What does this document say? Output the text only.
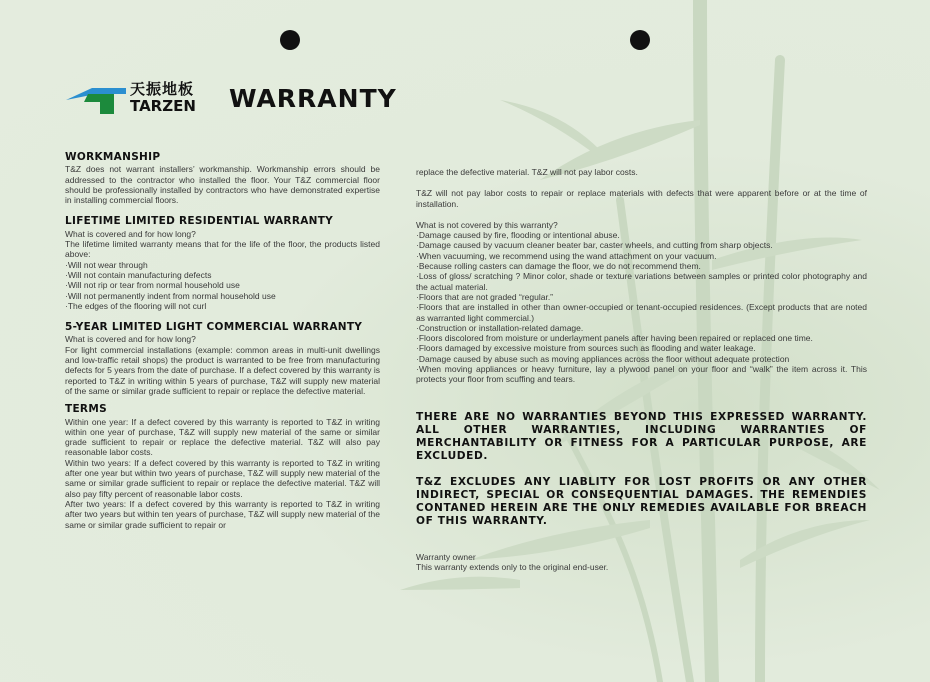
天振地板
TARZEN WARRANTY
WORKMANSHIP

T&Z does not warrant installers’ workmanship. Workmanship errors should be addressed to the contractor who installed the floor. Your T&Z commercial floor should be professionally installed by contractors who have demonstrated expertise in installing commercial floors.

LIFETIME LIMITED RESIDENTIAL WARRANTY

What is covered and for how long?

The lifetime limited warranty means that for the life of the floor, the products listed above:

·Will not wear through

·Will not contain manufacturing defects

·Will not rip or tear from normal household use

·Will not permanently indent from normal household use

·The edges of the flooring will not curl

5-YEAR LIMITED LIGHT COMMERCIAL WARRANTY

What is covered and for how long?

For light commercial installations (example: common areas in multi-unit dwellings and low-traffic retail shops) the product is warranted to be free from manufacturing defects for 5 years from the date of purchase. If a defect covered by this warranty is reported to T&Z in writing within 5 years of purchase, T&Z will supply new material of the same or similar grade sufficient to repair or replace the defective material.

TERMS

Within one year: If a defect covered by this warranty is reported to T&Z in writing within one year of purchase, T&Z will supply new material of the same or similar grade sufficient to repair or replace the defective material. T&Z will also pay reasonable labor costs.

Within two years: If a defect covered by this warranty is reported to T&Z in writing after one year but within two years of purchase, T&Z will supply new material of the same or similar grade sufficient to repair or replace the defective material. T&Z will also pay fifty percent of reasonable labor costs.

After two years: If a defect covered by this warranty is reported to T&Z in writing after two years but within ten years of purchase, T&Z will supply new material of the same or similar grade sufficient to repair or

replace the defective material. T&Z will not pay labor costs.

T&Z will not pay labor costs to repair or replace materials with defects that were apparent before or at the time of installation.

What is not covered by this warranty?

·Damage caused by fire, flooding or intentional abuse.

·Damage caused by vacuum cleaner beater bar, caster wheels, and cutting from sharp objects.

·When vacuuming, we recommend using the wand attachment on your vacuum.

·Because rolling casters can damage the floor, we do not recommend them.

·Loss of gloss/ scratching ? Minor color, shade or texture variations between samples or printed color photography and the actual material.

·Floors that are not graded “regular.”

·Floors that are installed in other than owner-occupied or tenant-occupied residences. (Except products that are noted as warranted light commercial.)

·Construction or installation-related damage.

·Floors discolored from moisture or underlayment panels after having been repaired or replaced one time.

·Floors damaged by excessive moisture from sources such as flooding and water leakage.

·Damage caused by abuse such as moving appliances across the floor without adequate protection

·When moving appliances or heavy furniture, lay a plywood panel on your floor and “walk” the item across it. This protects your floor from scuffing and tears.

THERE ARE NO WARRANTIES BEYOND THIS EXPRESSED WARRANTY. ALL OTHER WARRANTIES, INCLUDING WARRANTIES OF MERCHANTABILITY OR FITNESS FOR A PARTICULAR PURPOSE, ARE EXCLUDED.

T&Z EXCLUDES ANY LIABLITY FOR LOST PROFITS OR ANY OTHER INDIRECT, SPECIAL OR CONSEQUENTIAL DAMAGES. THE REMENDIES CONTANED HEREIN ARE THE ONLY REMEDIES AVAILABLE FOR BREACH OF THIS WARRANTY.

Warranty owner

This warranty extends only to the original end-user.
